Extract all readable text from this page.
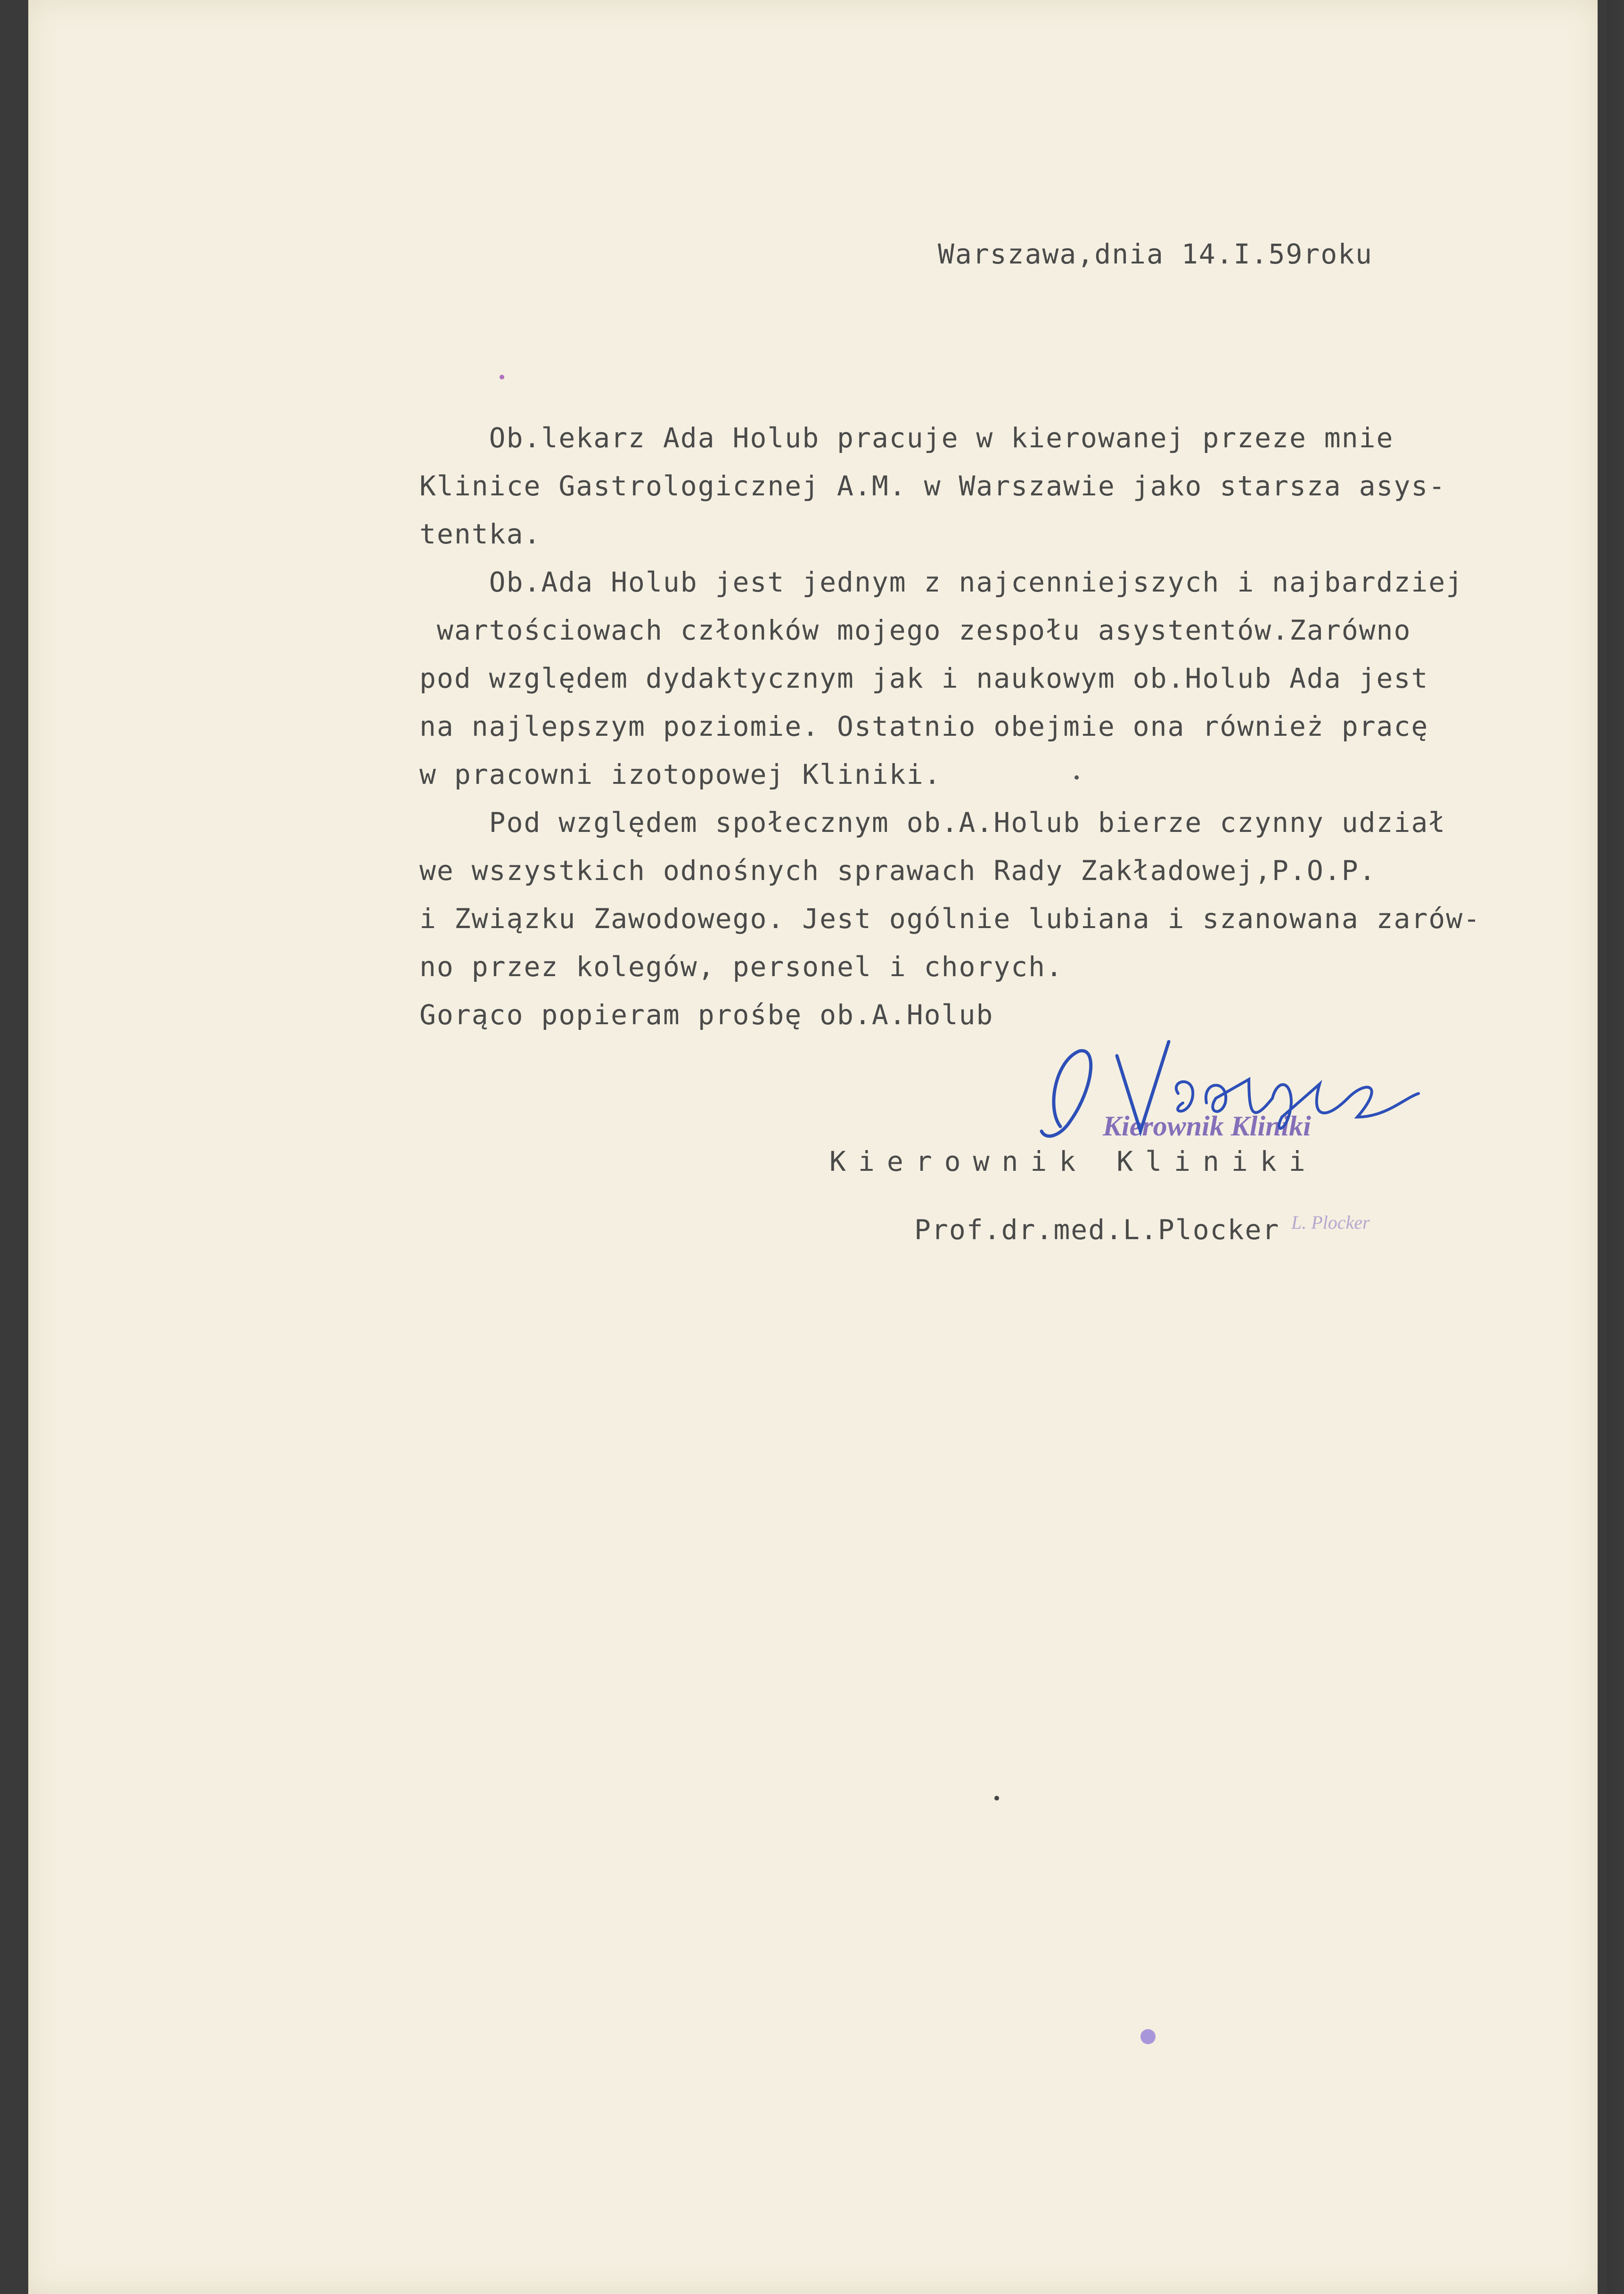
Warszawa,dnia 14.I.59roku
Ob.lekarz Ada Holub pracuje w kierowanej przeze mnie
Klinice Gastrologicznej A.M. w Warszawie jako starsza asys-
tentka.
Ob.Ada Holub jest jednym z najcenniejszych i najbardziej
wartościowach członków mojego zespołu asystentów.Zarówno
pod względem dydaktycznym jak i naukowym ob.Holub Ada jest
na najlepszym poziomie. Ostatnio obejmie ona również pracę
w pracowni izotopowej Kliniki.
Pod względem społecznym ob.A.Holub bierze czynny udział
we wszystkich odnośnych sprawach Rady Zakładowej,P.O.P.
i Związku Zawodowego. Jest ogólnie lubiana i szanowana zarów-
no przez kolegów, personel i chorych.
Gorąco popieram prośbę ob.A.Holub
Kierownik Kliniki
Kierownik Kliniki
Prof.dr.med.L.Plocker L. Plocker
